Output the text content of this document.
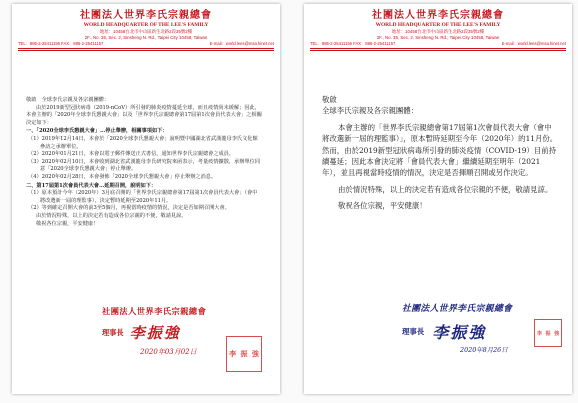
社團法人世界李氏宗親總會
WORLD HEADQUARTER OF THE LEE'S FAMILY
地址：10458台北市中山區新生北路2段35號2樓
2F., No. 35, Sec. 2, Sinsheng N. Rd., Taipei City 10458, Taiwan
TEL：886-2-25411156 FAX：886-2-25411157	E-mail：world.lees@msa.hinet.net

敬啟　全球李氏宗親及各宗親團體：

由於2019新型冠狀病毒（2019-nCoV）所引發的肺炎疫情蔓延全球，而且疫情尚未緩解；因此，本會主辦的「2020年全球李氏懇親大會」以及「世界李氏宗親總會第17屆第1次會員代表大會」之相關決定如下：

一、「2020全球李氏懇親大會」…停止舉辦，相關事項如下：

（1）2019年12月14日，本會於「2020全球李氏懇親大會」說明暨中國湖北省武漢龍母李氏文化館參訪之承辦單位。

（2）2020年01月21日，本會以電子郵件傳送正式書信，通知世界李氏宗親總會之成員。

（3）2020年02月10日，本會收到湖北省武漢龍母李氏研究院來函表示，考量疫情擴散，承辦單位同意「2020全球李氏懇親大會」停止舉辦。

（4）2020年02月28日，本會發佈「2020全球李氏懇親大會」停止舉辦之消息。

二、第17屆第1次會員代表大會…延期召開，說明如下：

（1）原本預計今年（2020年）3月底召開的「世界李氏宗親總會第17屆第1次會員代表大會」（會中將改選新一屆的理監事），決定暫時延期至2020年11月。

（2）等到確定召開大會的前3至5個月，再視當時疫情的情況，決定是否如期召開大會。

由於情況特殊，以上的決定若有造成各位宗親的不便，敬請見諒。

敬祝各位宗親，平安健康！

社團法人世界李氏宗親總會
理事長 李振強
2020年03月02日	李 振 強
社團法人世界李氏宗親總會
WORLD HEADQUARTER OF THE LEE'S FAMILY
地址：10458台北市中山區新生北路2段35號2樓
2F., No. 35, Sec. 2, Sinsheng N. Rd., Taipei City 10458, Taiwan
TEL：886-2-25411156 FAX：886-2-25411157	E-mail：world.lees@msa.hinet.net

敬啟

全球李氏宗親及各宗親團體：

本會主辦的「世界李氏宗親總會第17屆第1次會員代表大會（會中將改選新一屆的理監事）」，原本暫時延期至今年（2020年）的11月份。然而，由於2019新型冠狀病毒所引發的肺炎疫情（COVID-19）目前持續蔓延；因此本會決定將「會員代表大會」繼續延期至明年（2021年），並且再視當時疫情的情況，決定是否揮順召開或另作決定。

由於情況特殊，以上的決定若有造成各位宗親的不便，敬請見諒。

敬祝各位宗親，平安健康！

社團法人世界李氏宗親總會
理事長 李振強
2020年8月26日
李 振 強
